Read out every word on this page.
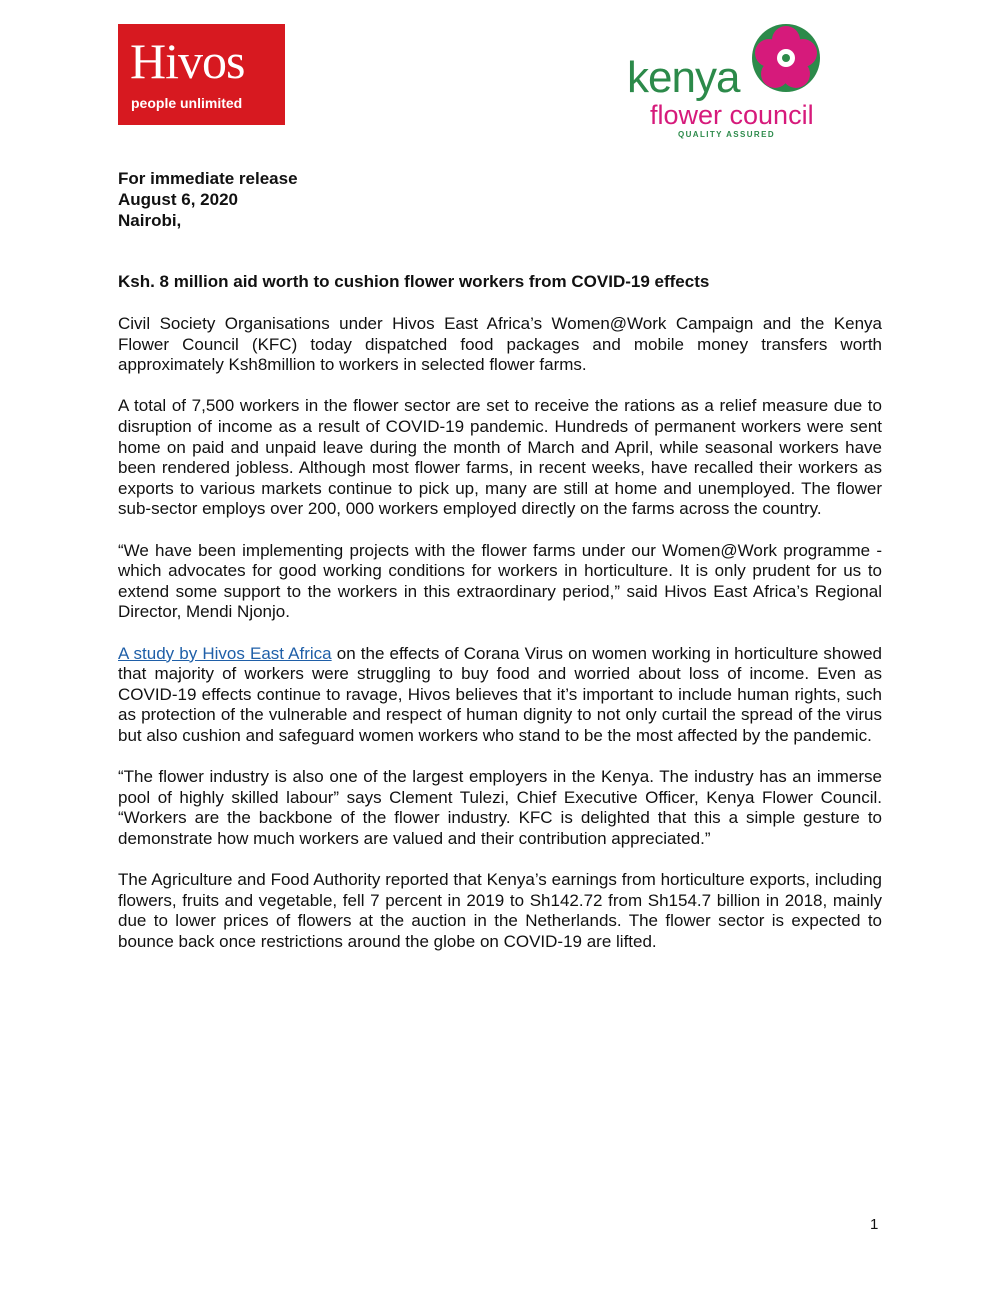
Hivos
people unlimited
kenya
flower council
QUALITY ASSURED
For immediate release
August 6, 2020
Nairobi,
Ksh. 8 million aid worth to cushion flower workers from COVID-19 effects

Civil Society Organisations under Hivos East Africa’s Women@Work Campaign and the Kenya Flower Council (KFC) today dispatched food packages and mobile money transfers worth approximately Ksh8million to workers in selected flower farms.

A total of 7,500 workers in the flower sector are set to receive the rations as a relief measure due to disruption of income as a result of COVID-19 pandemic. Hundreds of permanent workers were sent home on paid and unpaid leave during the month of March and April, while seasonal workers have been rendered jobless. Although most flower farms, in recent weeks, have recalled their workers as exports to various markets continue to pick up, many are still at home and unemployed. The flower sub-sector employs over 200, 000 workers employed directly on the farms across the country.

“We have been implementing projects with the flower farms under our Women@Work programme - which advocates for good working conditions for workers in horticulture. It is only prudent for us to extend some support to the workers in this extraordinary period,” said Hivos East Africa’s Regional Director, Mendi Njonjo.

A study by Hivos East Africa on the effects of Corana Virus on women working in horticulture showed that majority of workers were struggling to buy food and worried about loss of income. Even as COVID-19 effects continue to ravage, Hivos believes that it’s important to include human rights, such as protection of the vulnerable and respect of human dignity to not only curtail the spread of the virus but also cushion and safeguard women workers who stand to be the most affected by the pandemic.

“The flower industry is also one of the largest employers in the Kenya. The industry has an immerse pool of highly skilled labour” says Clement Tulezi, Chief Executive Officer, Kenya Flower Council. “Workers are the backbone of the flower industry. KFC is delighted that this a simple gesture to demonstrate how much workers are valued and their contribution appreciated.”

The Agriculture and Food Authority reported that Kenya’s earnings from horticulture exports, including flowers, fruits and vegetable, fell 7 percent in 2019 to Sh142.72 from Sh154.7 billion in 2018, mainly due to lower prices of flowers at the auction in the Netherlands. The flower sector is expected to bounce back once restrictions around the globe on COVID-19 are lifted.

1
